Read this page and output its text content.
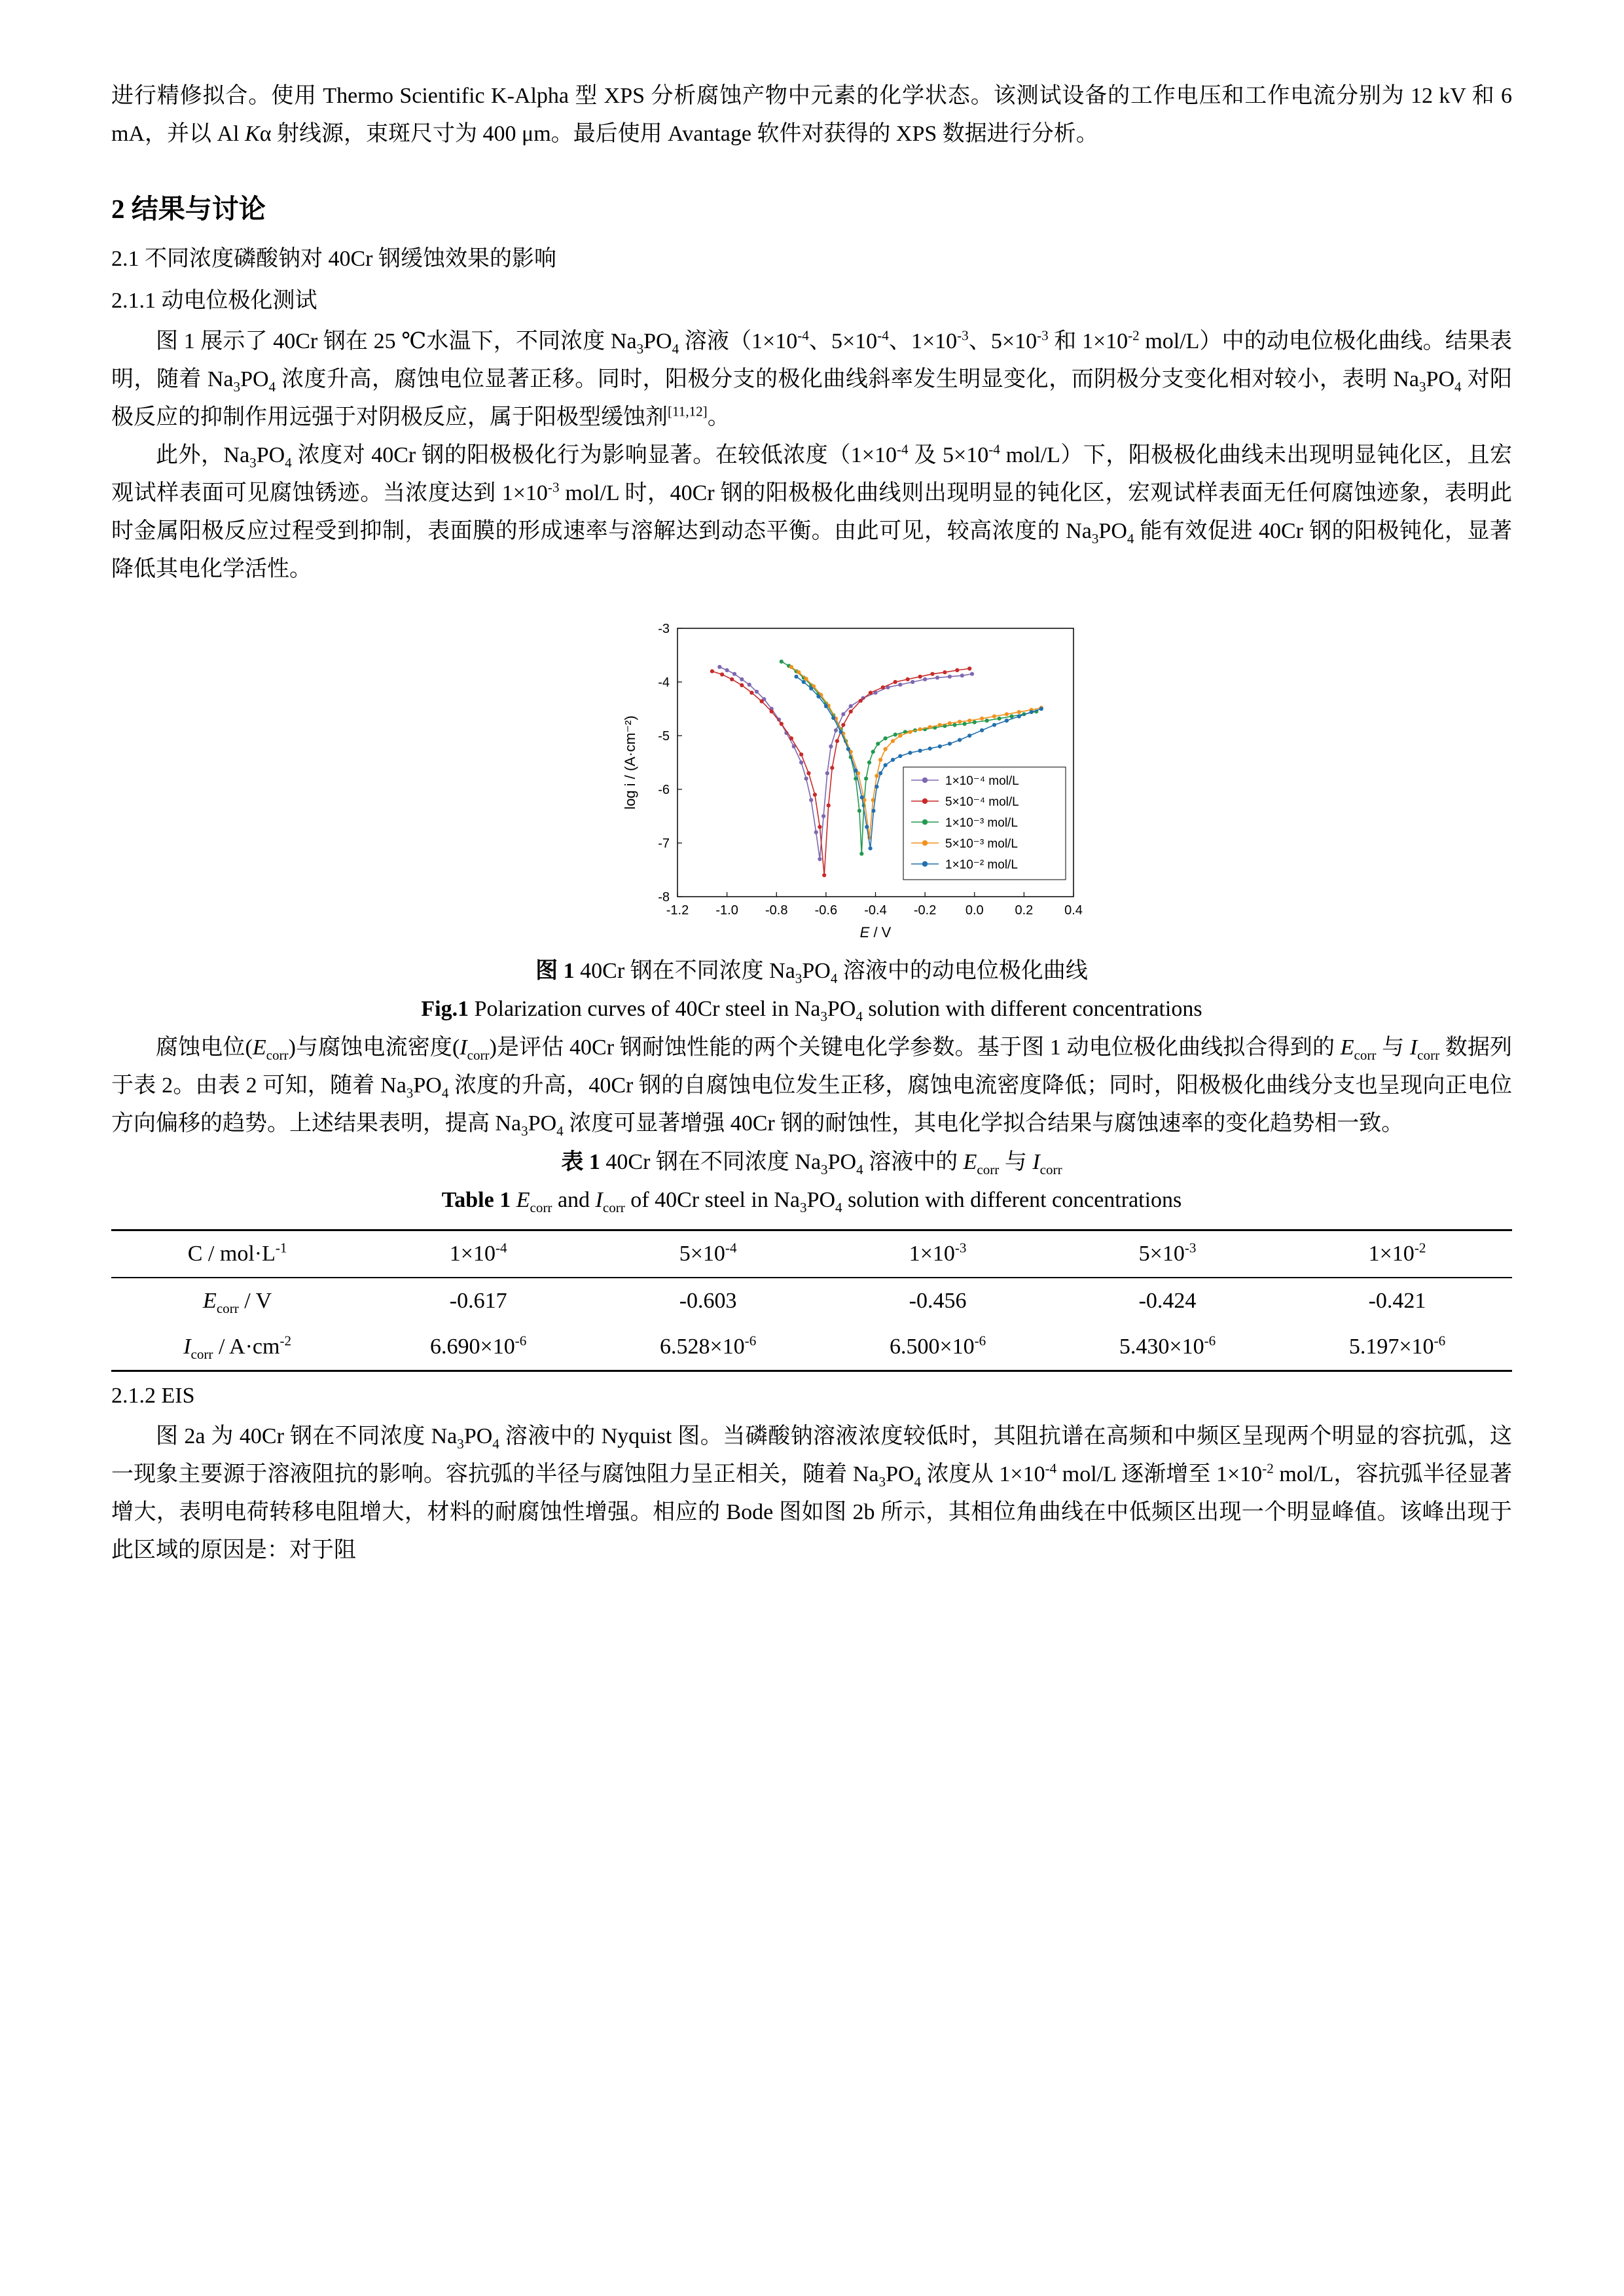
进行精修拟合。使用 Thermo Scientific K-Alpha 型 XPS 分析腐蚀产物中元素的化学状态。该测试设备的工作电压和工作电流分别为 12 kV 和 6 mA，并以 Al Kα 射线源，束斑尺寸为 400 μm。最后使用 Avantage 软件对获得的 XPS 数据进行分析。

2 结果与讨论
2.1 不同浓度磷酸钠对 40Cr 钢缓蚀效果的影响
2.1.1 动电位极化测试

图 1 展示了 40Cr 钢在 25 ℃水温下，不同浓度 $Na_3PO_4$ 溶液（$1\times 10^{-4}$、$5\times 10^{-4}$、$1\times 10^{-3}$、$5\times 10^{-3}$ 和 $1\times 10^{-2}$ mol/L）中的动电位极化曲线。结果表明，随着 $Na_3PO_4$ 浓度升高，腐蚀电位显著正移。同时，阳极分支的极化曲线斜率发生明显变化，而阴极分支变化相对较小，表明 $Na_3PO_4$ 对阳极反应的抑制作用远强于对阴极反应，属于阳极型缓蚀剂[11,12]。

此外，$Na_3PO_4$ 浓度对 40Cr 钢的阳极极化行为影响显著。在较低浓度（$1\times 10^{-4}$ 及 $5\times 10^{-4}$ mol/L）下，阳极极化曲线未出现明显钝化区，且宏观试样表面可见腐蚀锈迹。当浓度达到 $1\times 10^{-3}$ mol/L 时，40Cr 钢的阳极极化曲线则出现明显的钝化区，宏观试样表面无任何腐蚀迹象，表明此时金属阳极反应过程受到抑制，表面膜的形成速率与溶解达到动态平衡。由此可见，较高浓度的 $Na_3PO_4$ 能有效促进 40Cr 钢的阳极钝化，显著降低其电化学活性。

-1.2 -1.0 -0.8 -0.6 -0.4 -0.2 0.0 0.2 0.4
-8
-7
-6
-5
-4
-3
E / V
log i / (A·cm⁻²)	1×10⁻⁴ mol/L
5×10⁻⁴ mol/L
1×10⁻³ mol/L
5×10⁻³ mol/L
1×10⁻² mol/L
图 1 40Cr 钢在不同浓度 $Na_3PO_4$ 溶液中的动电位极化曲线
Fig.1 Polarization curves of 40Cr steel in $Na_3PO_4$ solution with different concentrations

腐蚀电位$(E_{corr})$与腐蚀电流密度$(I_{corr})$是评估 40Cr 钢耐蚀性能的两个关键电化学参数。基于图 1 动电位极化曲线拟合得到的 $E_{corr}$ 与 $I_{corr}$ 数据列于表 2。由表 2 可知，随着 $Na_3PO_4$ 浓度的升高，40Cr 钢的自腐蚀电位发生正移，腐蚀电流密度降低；同时，阳极极化曲线分支也呈现向正电位方向偏移的趋势。上述结果表明，提高 $Na_3PO_4$ 浓度可显著增强 40Cr 钢的耐蚀性，其电化学拟合结果与腐蚀速率的变化趋势相一致。

表 1 40Cr 钢在不同浓度 $Na_3PO_4$ 溶液中的 $E_{corr}$ 与 $I_{corr}$
Table 1 $E_{corr}$ and $I_{corr}$ of 40Cr steel in $Na_3PO_4$ solution with different concentrations
$C / mol\cdot L^{-1}$	$1\times 10^{-4}$	$5\times 10^{-4}$	$1\times 10^{-3}$	$5\times 10^{-3}$	$1\times 10^{-2}$
$E_{corr}$ / V	-0.617	-0.603	-0.456	-0.424	-0.421
$I_{corr} / A\cdot cm^{-2}$	$6.690\times 10^{-6}$	$6.528\times 10^{-6}$	$6.500\times 10^{-6}$	$5.430\times 10^{-6}$	$5.197\times 10^{-6}$
2.1.2 EIS

图 2a 为 40Cr 钢在不同浓度 $Na_3PO_4$ 溶液中的 Nyquist 图。当磷酸钠溶液浓度较低时，其阻抗谱在高频和中频区呈现两个明显的容抗弧，这一现象主要源于溶液阻抗的影响。容抗弧的半径与腐蚀阻力呈正相关，随着 $Na_3PO_4$ 浓度从 $1\times 10^{-4}$ mol/L 逐渐增至 $1\times 10^{-2}$ mol/L，容抗弧半径显著增大，表明电荷转移电阻增大，材料的耐腐蚀性增强。相应的 Bode 图如图 2b 所示，其相位角曲线在中低频区出现一个明显峰值。该峰出现于此区域的原因是：对于阻
